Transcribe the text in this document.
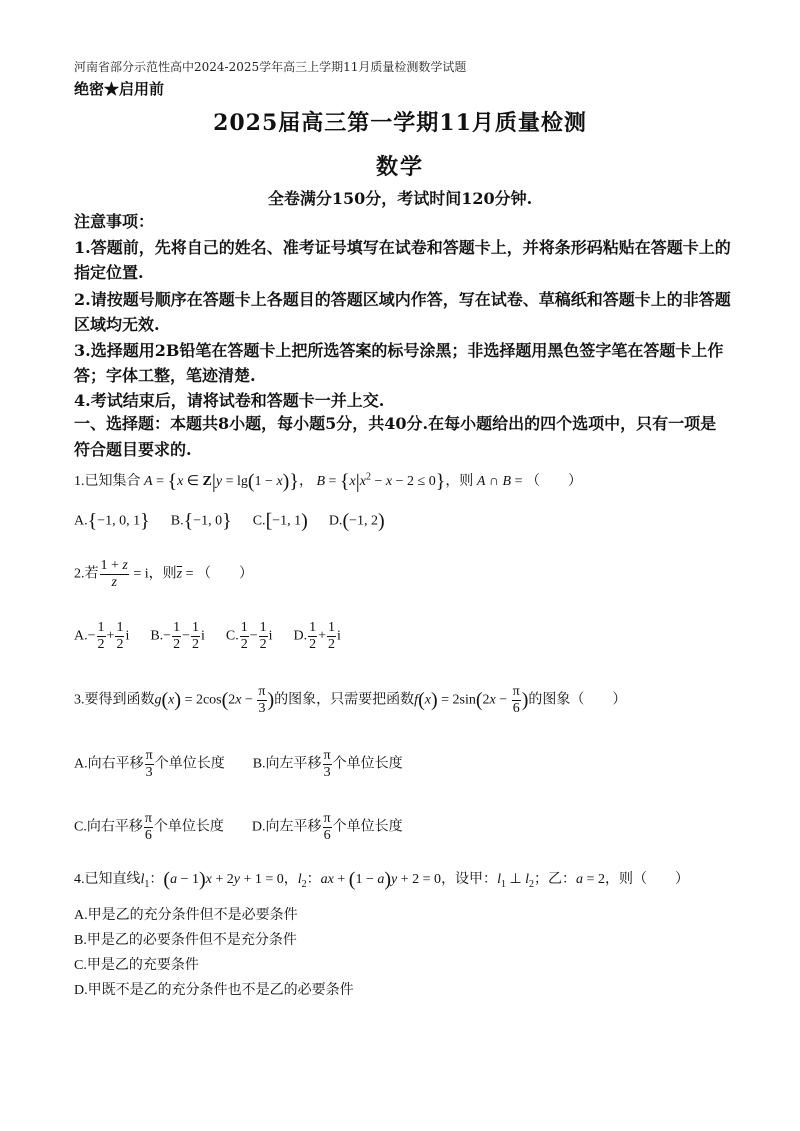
河南省部分示范性高中2024-2025学年高三上学期11月质量检测数学试题
绝密★启用前
2025届高三第一学期11月质量检测
数学
全卷满分150分，考试时间120分钟.
注意事项：
1.答题前，先将自己的姓名、准考证号填写在试卷和答题卡上，并将条形码粘贴在答题卡上的
指定位置.
2.请按题号顺序在答题卡上各题目的答题区域内作答，写在试卷、草稿纸和答题卡上的非答题
区域均无效.
3.选择题用2B铅笔在答题卡上把所选答案的标号涂黑；非选择题用黑色签字笔在答题卡上作
答；字体工整，笔迹清楚.
4.考试结束后，请将试卷和答题卡一并上交.
一、选择题：本题共8小题，每小题5分，共40分.在每小题给出的四个选项中，只有一项是
符合题目要求的.
1.已知集合 A = {x ∈ Z|y = lg(1 − x)}， $B = \{x|x^2 - x - 2 \le 0\}$，则 A ∩ B = （　　）
A.{−1, 0, 1} B.{−1, 0} C.[−1, 1) D.(−1, 2)
2.若 $\frac{1 + z}{z} = i$，则$\overline{z}$ = （　　）
$A.- \frac{1}{2} + \frac{1}{2}$ i      $B.- \frac{1}{2} - \frac{1}{2}$ i      C. $\frac{1}{2} - \frac{1}{2}$ i      D. $\frac{1}{2} + \frac{1}{2}$ i
3.要得到函数$g(x) = 2\cos(2x - \frac{\pi}{3}$ )的图象，只需要把函数$f(x) = 2\sin(2x - \frac{\pi}{6}$ )的图象（　　）
A.向右平移 $\frac{\pi}{3}$ 个单位长度 B.向左平移 $\frac{\pi}{3}$ 个单位长度
C.向右平移 $\frac{\pi}{6}$ 个单位长度 D.向左平移 $\frac{\pi}{6}$ 个单位长度
4.已知直线$l_1$：(a − 1)x + 2y + 1 = 0，$l_2$：ax + (1 − a)y + 2 = 0，设甲：$l_1$ ⊥ $l_2$；乙：a = 2，则（　　）
A.甲是乙的充分条件但不是必要条件
B.甲是乙的必要条件但不是充分条件
C.甲是乙的充要条件
D.甲既不是乙的充分条件也不是乙的必要条件
